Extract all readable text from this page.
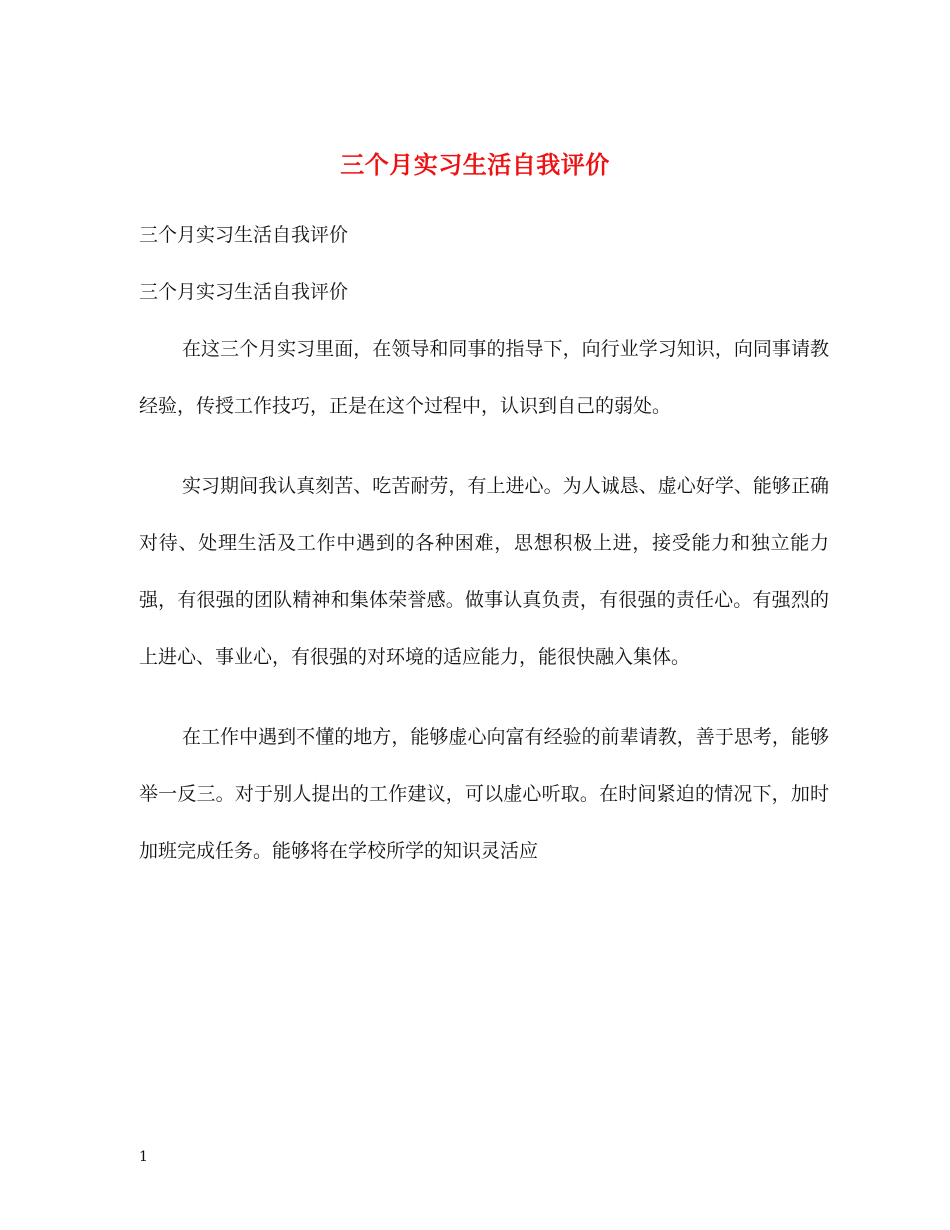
三个月实习生活自我评价

三个月实习生活自我评价

三个月实习生活自我评价

在这三个月实习里面，在领导和同事的指导下，向行业学习知识，向同事请教经验，传授工作技巧，正是在这个过程中，认识到自己的弱处。

实习期间我认真刻苦、吃苦耐劳，有上进心。为人诚恳、虚心好学、能够正确对待、处理生活及工作中遇到的各种困难，思想积极上进，接受能力和独立能力强，有很强的团队精神和集体荣誉感。做事认真负责，有很强的责任心。有强烈的上进心、事业心，有很强的对环境的适应能力，能很快融入集体。

在工作中遇到不懂的地方，能够虚心向富有经验的前辈请教，善于思考，能够举一反三。对于别人提出的工作建议，可以虚心听取。在时间紧迫的情况下，加时加班完成任务。能够将在学校所学的知识灵活应

1
